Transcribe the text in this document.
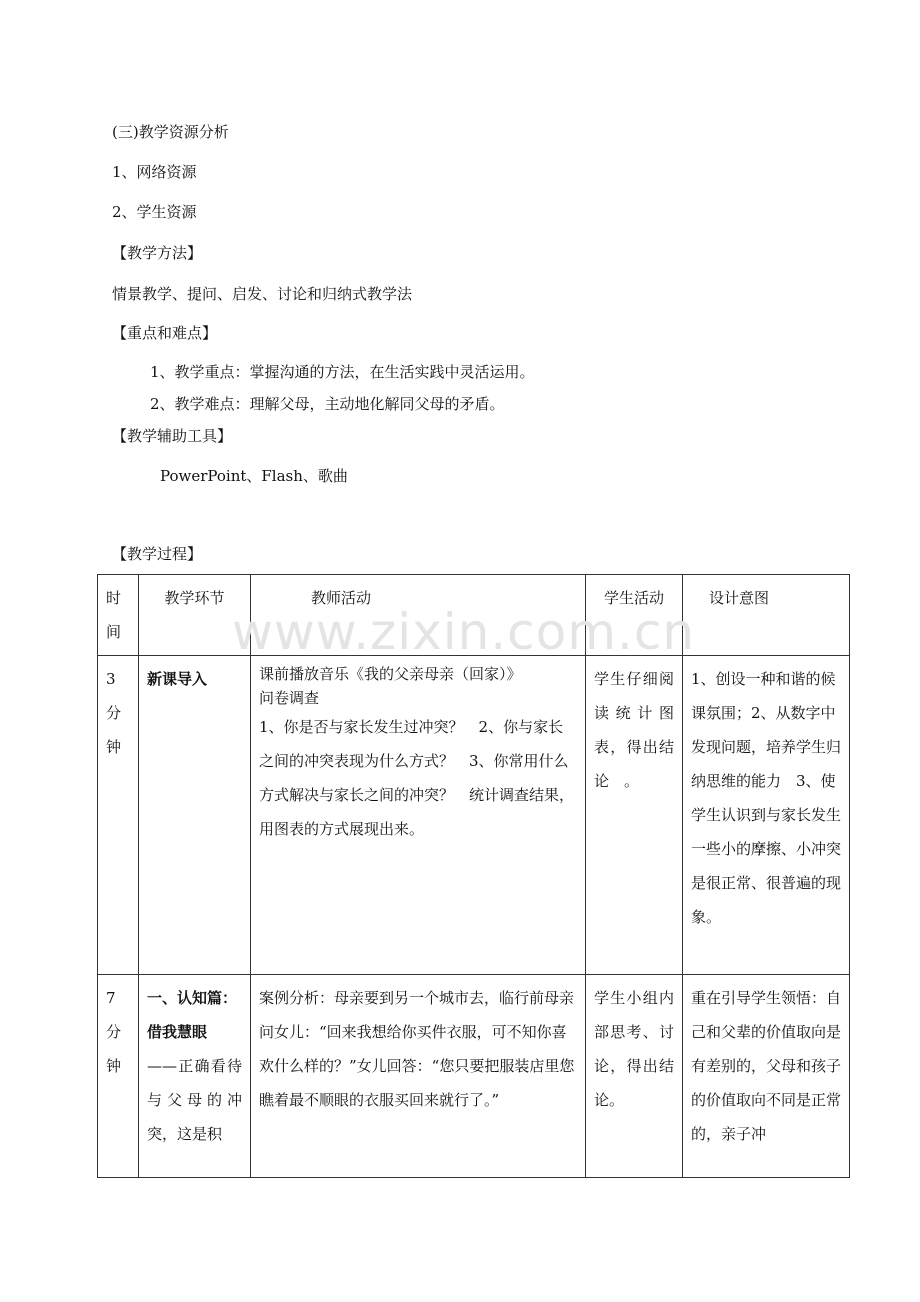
(三)教学资源分析
1、网络资源
2、学生资源
【教学方法】
情景教学、提问、启发、讨论和归纳式教学法
【重点和难点】
1、教学重点：掌握沟通的方法，在生活实践中灵活运用。
2、教学难点：理解父母，主动地化解同父母的矛盾。
【教学辅助工具】
PowerPoint、Flash、歌曲
【教学过程】
时间	教学环节	教师活动	学生活动	设计意图
3分钟	新课导入	课前播放音乐《我的父亲母亲（回家）》
问卷调查
1、你是否与家长发生过冲突？　2、你与家长之间的冲突表现为什么方式？　3、你常用什么方式解决与家长之间的冲突？　统计调查结果，用图表的方式展现出来。	学生仔细阅读统计图表，得出结论　。	1、创设一种和谐的候课氛围；2、从数字中发现问题，培养学生归纳思维的能力　3、使学生认识到与家长发生一些小的摩擦、小冲突是很正常、很普遍的现象。
7分钟	一、认知篇：
借我慧眼
——正确看待与父母的冲突，这是积	案例分析：母亲要到另一个城市去，临行前母亲问女儿：“回来我想给你买件衣服，可不知你喜欢什么样的？”女儿回答：“您只要把服装店里您瞧着最不顺眼的衣服买回来就行了。”	学生小组内部思考、讨论，得出结论。	重在引导学生领悟：自己和父辈的价值取向是有差别的，父母和孩子的价值取向不同是正常的，亲子冲
www.zixin.com.cn
